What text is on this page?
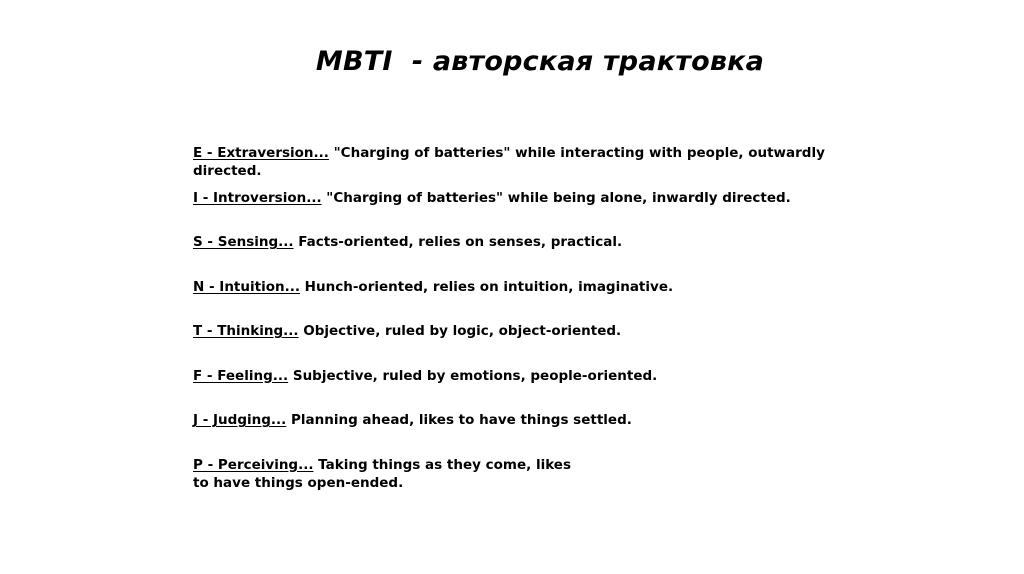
MBTI  - авторская трактовка
E - Extraversion... "Charging of batteries" while interacting with people, outwardly directed.
I - Introversion... "Charging of batteries" while being alone, inwardly directed.
S - Sensing... Facts-oriented, relies on senses, practical.
N - Intuition... Hunch-oriented, relies on intuition, imaginative.
T - Thinking... Objective, ruled by logic, object-oriented.
F - Feeling... Subjective, ruled by emotions, people-oriented.
J - Judging... Planning ahead, likes to have things settled.
P - Perceiving... Taking things as they come, likes to have things open-ended.
